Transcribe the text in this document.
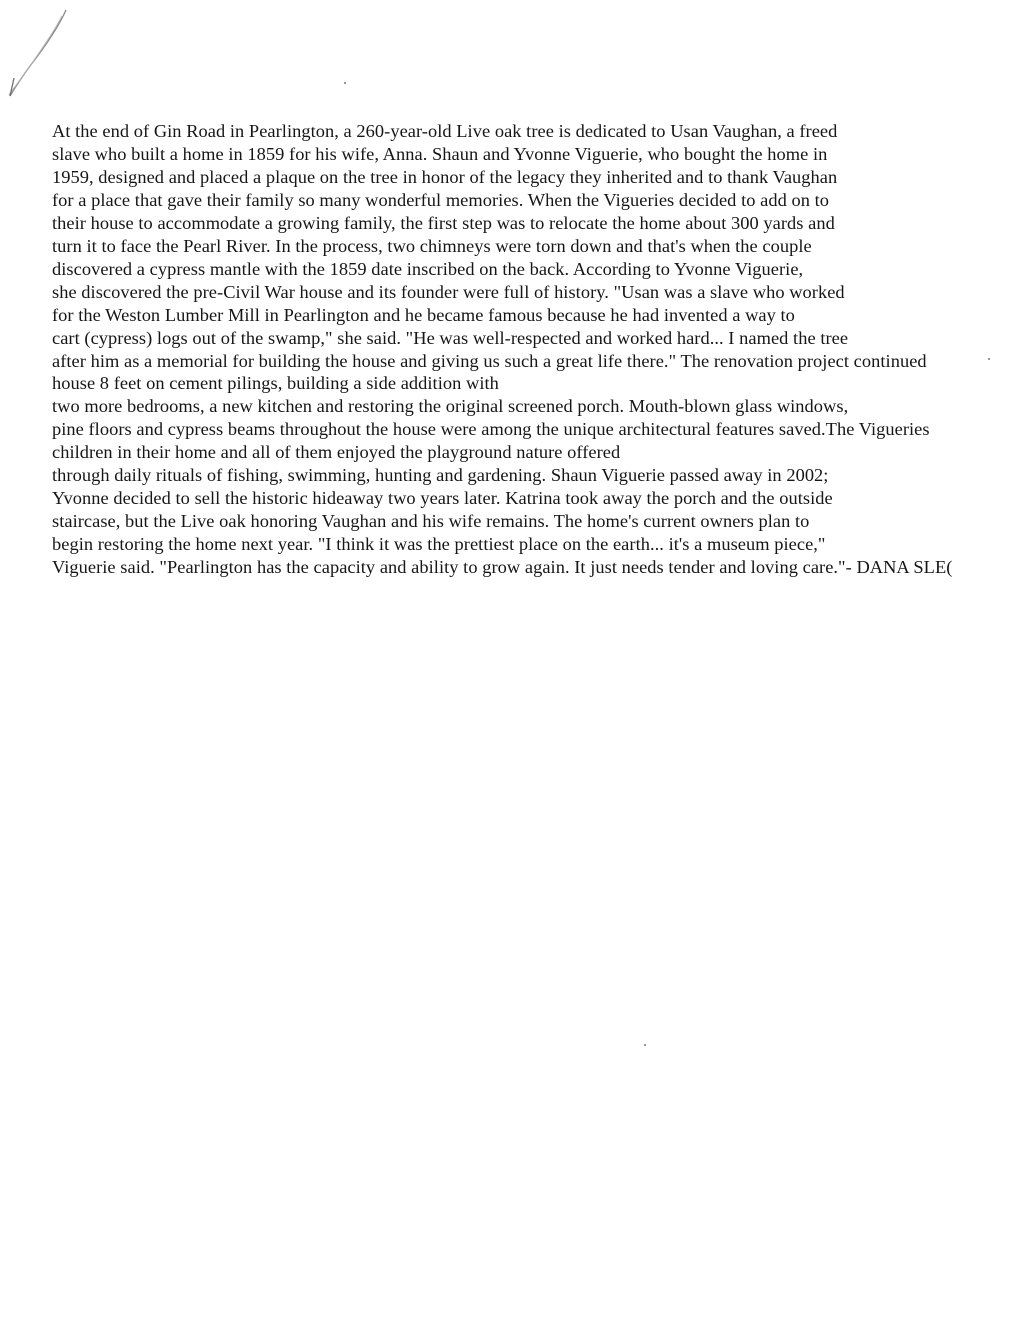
At the end of Gin Road in Pearlington, a 260-year-old Live oak tree is dedicated to Usan Vaughan, a freed
slave who built a home in 1859 for his wife, Anna. Shaun and Yvonne Viguerie, who bought the home in
1959, designed and placed a plaque on the tree in honor of the legacy they inherited and to thank Vaughan
for a place that gave their family so many wonderful memories. When the Vigueries decided to add on to
their house to accommodate a growing family, the first step was to relocate the home about 300 yards and
turn it to face the Pearl River. In the process, two chimneys were torn down and that's when the couple
discovered a cypress mantle with the 1859 date inscribed on the back. According to Yvonne Viguerie,
she discovered the pre-Civil War house and its founder were full of history. "Usan was a slave who worked
for the Weston Lumber Mill in Pearlington and he became famous because he had invented a way to
cart (cypress) logs out of the swamp," she said. "He was well-respected and worked hard... I named the tree
after him as a memorial for building the house and giving us such a great life there." The renovation project continued
house 8 feet on cement pilings, building a side addition with
two more bedrooms, a new kitchen and restoring the original screened porch. Mouth-blown glass windows,
pine floors and cypress beams throughout the house were among the unique architectural features saved.The Vigueries
children in their home and all of them enjoyed the playground nature offered
through daily rituals of fishing, swimming, hunting and gardening. Shaun Viguerie passed away in 2002;
Yvonne decided to sell the historic hideaway two years later. Katrina took away the porch and the outside
staircase, but the Live oak honoring Vaughan and his wife remains. The home's current owners plan to
begin restoring the home next year. "I think it was the prettiest place on the earth... it's a museum piece,"
Viguerie said. "Pearlington has the capacity and ability to grow again. It just needs tender and loving care."- DANA SLE(
